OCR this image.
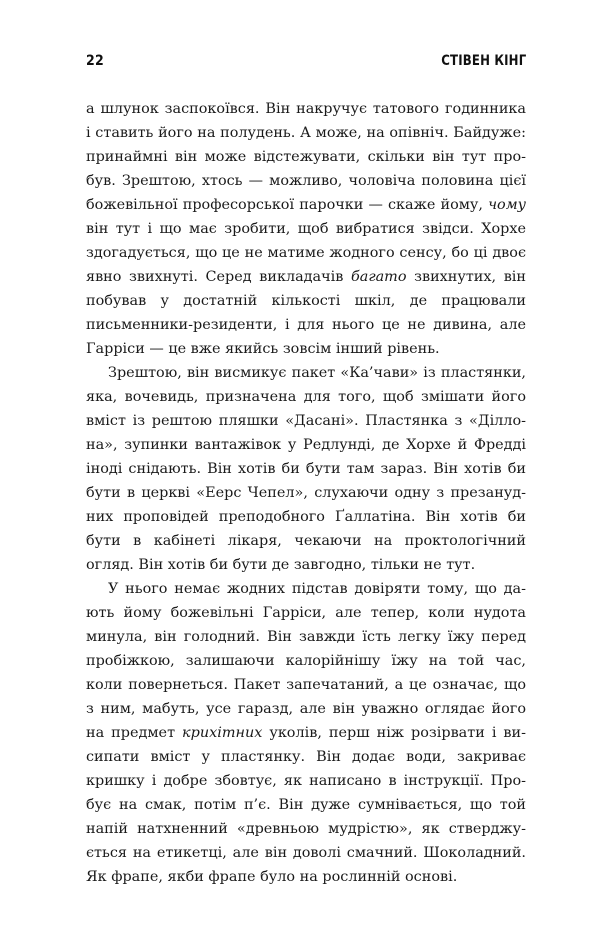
22	СТІВЕН КІНГ

а шлунок заспокоївся. Він накручує татового годинника і ставить його на полудень. А може, на опівніч. Байдуже: принаймні він може відстежувати, скільки він тут пробув. Зрештою, хтось — можливо, чоловіча половина цієї божевільної професорської парочки — скаже йому, чому він тут і що має зробити, щоб вибратися звідси. Хорхе здогадується, що це не матиме жодного сенсу, бо ці двоє явно звихнуті. Серед викладачів багато звихнутих, він побував у достатній кількості шкіл, де працювали письменники-резиденти, і для нього це не дивина, але Гарріси — це вже якийсь зовсім інший рівень.

Зрештою, він висмикує пакет «Ка’чави» із пластянки, яка, вочевидь, призначена для того, щоб змішати його вміст із рештою пляшки «Дасані». Пластянка з «Діллона», зупинки вантажівок у Редлунді, де Хорхе й Фредді іноді снідають. Він хотів би бути там зараз. Він хотів би бути в церкві «Еерс Чепел», слухаючи одну з презанудних проповідей преподобного Ґаллатіна. Він хотів би бути в кабінеті лікаря, чекаючи на проктологічний огляд. Він хотів би бути де завгодно, тільки не тут.

У нього немає жодних підстав довіряти тому, що дають йому божевільні Гарріси, але тепер, коли нудота минула, він голодний. Він завжди їсть легку їжу перед пробіжкою, залишаючи калорійнішу їжу на той час, коли повернеться. Пакет запечатаний, а це означає, що з ним, мабуть, усе гаразд, але він уважно оглядає його на предмет крихітних уколів, перш ніж розірвати і висипати вміст у пластянку. Він додає води, закриває кришку і добре збовтує, як написано в інструкції. Пробує на смак, потім п’є. Він дуже сумнівається, що той напій натхненний «древньою мудрістю», як стверджується на етикетці, але він доволі смачний. Шоколадний. Як фрапе, якби фрапе було на рослинній основі.
